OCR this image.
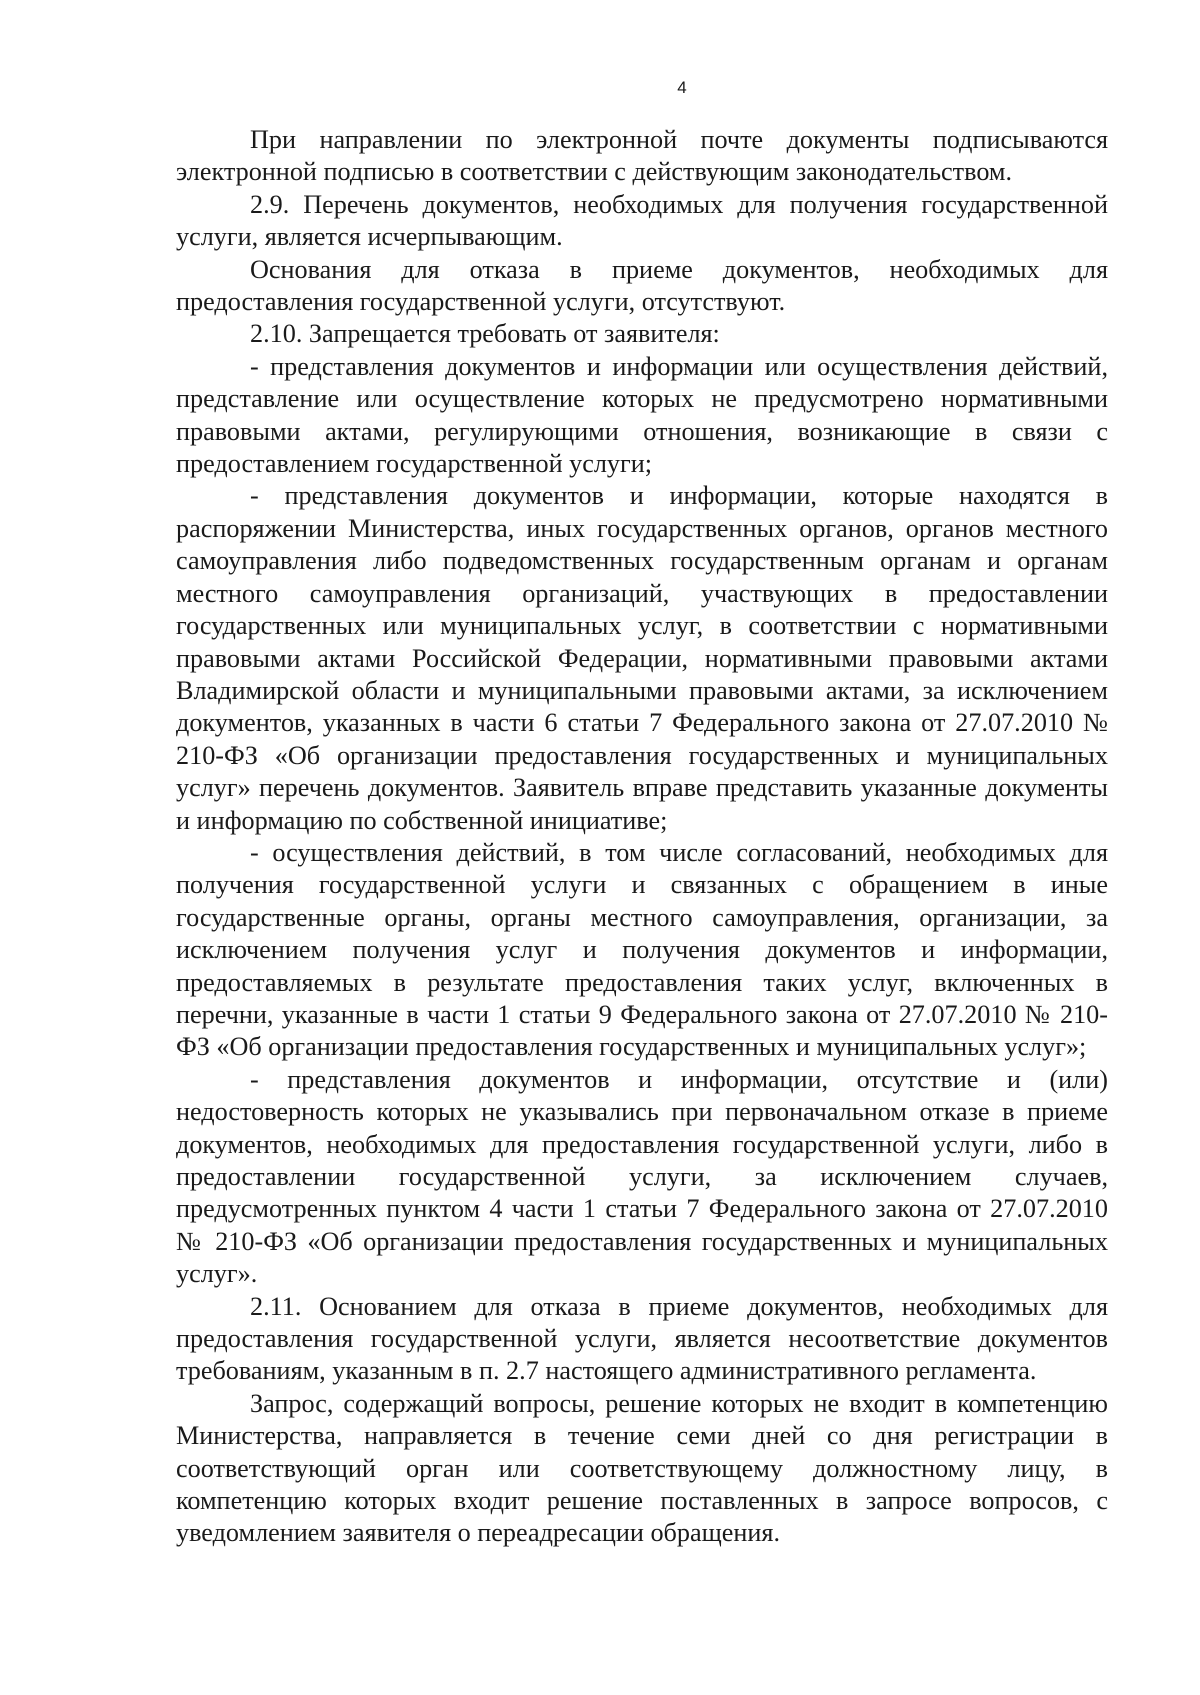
4

При направлении по электронной почте документы подписываются электронной подписью в соответствии с действующим законодательством.

2.9. Перечень документов, необходимых для получения государственной услуги, является исчерпывающим.

Основания для отказа в приеме документов, необходимых для предоставления государственной услуги, отсутствуют.

2.10. Запрещается требовать от заявителя:

- представления документов и информации или осуществления действий, представление или осуществление которых не предусмотрено нормативными правовыми актами, регулирующими отношения, возникающие в связи с предоставлением государственной услуги;

- представления документов и информации, которые находятся в распоряжении Министерства, иных государственных органов, органов местного самоуправления либо подведомственных государственным органам и органам местного самоуправления организаций, участвующих в предоставлении государственных или муниципальных услуг, в соответствии с нормативными правовыми актами Российской Федерации, нормативными правовыми актами Владимирской области и муниципальными правовыми актами, за исключением документов, указанных в части 6 статьи 7 Федерального закона от 27.07.2010 № 210-ФЗ «Об организации предоставления государственных и муниципальных услуг» перечень документов. Заявитель вправе представить указанные документы и информацию по собственной инициативе;

- осуществления действий, в том числе согласований, необходимых для получения государственной услуги и связанных с обращением в иные государственные органы, органы местного самоуправления, организации, за исключением получения услуг и получения документов и информации, предоставляемых в результате предоставления таких услуг, включенных в перечни, указанные в части 1 статьи 9 Федерального закона от 27.07.2010 № 210-ФЗ «Об организации предоставления государственных и муниципальных услуг»;

- представления документов и информации, отсутствие и (или) недостоверность которых не указывались при первоначальном отказе в приеме документов, необходимых для предоставления государственной услуги, либо в предоставлении государственной услуги, за исключением случаев, предусмотренных пунктом 4 части 1 статьи 7 Федерального закона от 27.07.2010 № 210-ФЗ «Об организации предоставления государственных и муниципальных услуг».

2.11. Основанием для отказа в приеме документов, необходимых для предоставления государственной услуги, является несоответствие документов требованиям, указанным в п. 2.7 настоящего административного регламента.

Запрос, содержащий вопросы, решение которых не входит в компетенцию Министерства, направляется в течение семи дней со дня регистрации в соответствующий орган или соответствующему должностному лицу, в компетенцию которых входит решение поставленных в запросе вопросов, с уведомлением заявителя о переадресации обращения.
